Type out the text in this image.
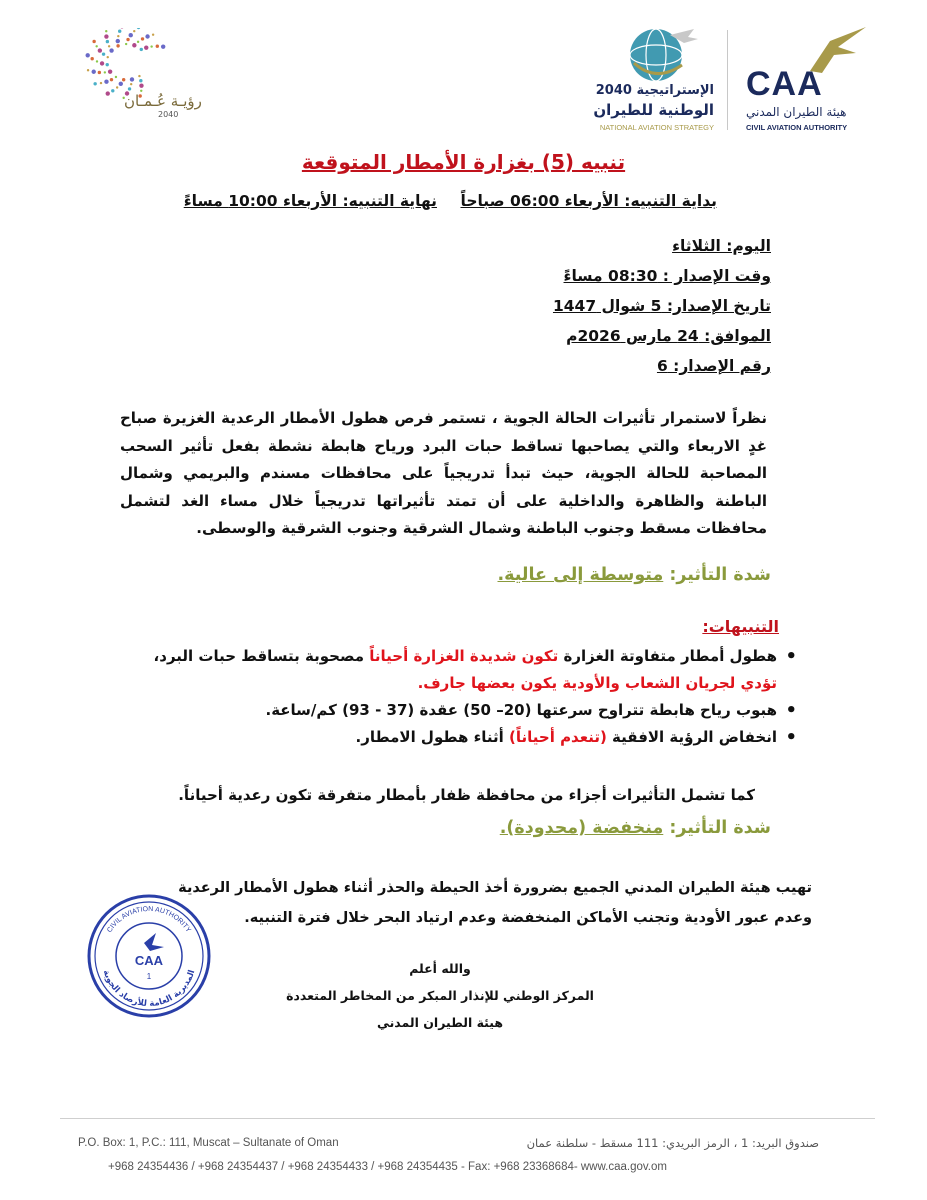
رؤيـة عُـمـان
2040
الإستراتيجية 2040
الوطنية للطيران
NATIONAL AVIATION STRATEGY
CAA
هيئة الطيران المدني
CIVIL AVIATION AUTHORITY
تنبيه (5) بغزارة الأمطار المتوقعة
بداية التنبيه: الأربعاء 06:00 صباحاً
نهاية التنبيه: الأربعاء 10:00 مساءً
اليوم: الثلاثاء
وقت الإصدار : 08:30 مساءً
تاريخ الإصدار: 5 شوال 1447
الموافق: 24 مارس 2026م
رقم الإصدار: 6
نظراً لاستمرار تأثيرات الحالة الجوية ، تستمر فرص هطول الأمطار الرعدية الغزيرة صباح غدٍ الاربعاء والتي يصاحبها تساقط حبات البرد ورياح هابطة نشطة بفعل تأثير السحب المصاحبة للحالة الجوية، حيث تبدأ تدريجياً على محافظات مسندم والبريمي وشمال الباطنة والظاهرة والداخلية على أن تمتد تأثيراتها تدريجياً خلال مساء الغد لتشمل محافظات مسقط وجنوب الباطنة وشمال الشرقية وجنوب الشرقية والوسطى.
شدة التأثير: متوسطة إلى عالية.
التنبيهات:
• هطول أمطار متفاوتة الغزارة تكون شديدة الغزارة أحياناً مصحوبة بتساقط حبات البرد،
تؤدي لجريان الشعاب والأودية يكون بعضها جارف.
• هبوب رياح هابطة تتراوح سرعتها (20– 50) عقدة (37 - 93) كم/ساعة.
• انخفاض الرؤية الافقية (تنعدم أحياناً) أثناء هطول الامطار.
كما تشمل التأثيرات أجزاء من محافظة ظفار بأمطار متفرقة تكون رعدية أحياناً.
شدة التأثير: منخفضة (محدودة).
تهيب هيئة الطيران المدني الجميع بضرورة أخذ الحيطة والحذر أثناء هطول الأمطار الرعدية
وعدم عبور الأودية وتجنب الأماكن المنخفضة وعدم ارتياد البحر خلال فترة التنبيه.
CAA
1
CIVIL AVIATION AUTHORITY
المديرية العامة للأرصاد الجوية	والله أعلم
المركز الوطني للإنذار المبكر من المخاطر المتعددة
هيئة الطيران المدني
P.O. Box: 1, P.C.: 111, Muscat – Sultanate of Oman	صندوق البريد: 1 ، الرمز البريدي: 111 مسقط - سلطنة عمان
+968 24354436 / +968 24354437 / +968 24354433 / +968 24354435 - Fax: +968 23368684- www.caa.gov.om
